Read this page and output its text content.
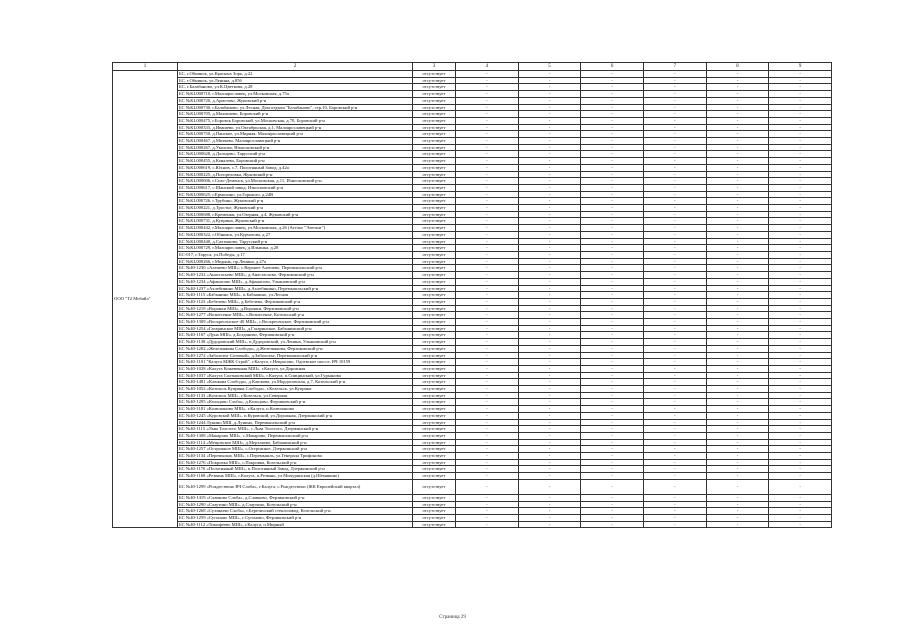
1	2	3	4	5	6	7	8	9
ООО "Т2 Мобайл"	БС, г.Обнинск, ул.Красных Зорь, д.22	отсутствует	-	-	-	-	-	-
	БС, г.Обнинск, ул.Ленина, д.85б	отсутствует	-	-	-	-	-	-
	БС, г.Балабаново, ул.К.Цветкова, д.28	отсутствует	-	-	-	-	-	-
	БС №KL000710, г.Малоярославец, ул.Московская, д.75а	отсутствует	-	-	-	-	-	-
	БС №KL000720, д.Аристово, Жуковский р-н	отсутствует	-	-	-	-	-	-
	БС №KL000730, г.Балабаново, ул.Лесная, Дом отдыха "Балабаново", стр.10, Боровский р-н	отсутствует	-	-	-	-	-	-
	БС №KL000705, д.Малышево, Боровский р-н	отсутствует	-	-	-	-	-	-
	БС №KL000475, г.Боровск Боровский, ул.Московская, д.70, Боровский р-н	отсутствует	-	-	-	-	-	-
	БС №KL000333, д.Ивашево, ул.Октябрьская, д.1, Малоярославецкий р-н	отсутствует	-	-	-	-	-	-
	БС №KL000750, д.Панское, ул.Мирная, Малоярославецкий р-н	отсутствует	-	-	-	-	-	-
	БС №KL000467, д.Митяево, Малоярославецкий р-н	отсутствует	-	-	-	-	-	-
	БС №KL000267, д.Уколово, Износковский р-н	отсутствует	-	-	-	-	-	-
	БС №KL000628, д.Дольцево, Тарусский р-н	отсутствует	-	-	-	-	-	-
	БС №KL000455, д.Ковалево, Боровский р-н	отсутствует	-	-	-	-	-	-
	БС №KL000619, с.Юхнов, с.7, Полотняный Завод, д.42а	отсутствует	-	-	-	-	-	-
	БС №KL000225, д.Погореловка, Жуковский р-н	отсутствует	-	-	-	-	-	-
	БС №KL000606, г.Спас-Деменск, ул.Московская, д.11, Износковский р-н	отсутствует	-	-	-	-	-	-
	БС №KL000617, с.Шанский завод, Износковский р-н	отсутствует	-	-	-	-	-	-
	БС №KL000625, г.Ермолино, ул.Горького, д.24В	отсутствует	-	-	-	-	-	-
	БС №KL000726, г.Трубино, Жуковский р-н	отсутствует	-	-	-	-	-	-
	БС №KL000221, д.Тростье, Жуковский р-н	отсутствует	-	-	-	-	-	-
	БС №KL000688, г.Кременки, ул.Озерная, д.4, Жуковский р-н	отсутствует	-	-	-	-	-	-
	БС №KL000731, д.Куприна, Жуковский р-н	отсутствует	-	-	-	-	-	-
	БС №KL000442, г.Малоярославец, ул.Московская, д.26 (Ателье "Элегант")	отсутствует	-	-	-	-	-	-
	БС №KL000322, г.Обнинск, ул.Курчатова, д.27	отсутствует	-	-	-	-	-	-
	БС №KL000440, д.Салтыково, Тарусский р-н	отсутствует	-	-	-	-	-	-
	БС №KL000729, г.Малоярославец, д.Ильинка, д.28	отсутствует	-	-	-	-	-	-
	БС-017, г.Таруса, ул.Победы, д.17	отсутствует	-	-	-	-	-	-
	БС №KL000266, г.Медынь, пр.Ленина, д.27а	отсутствует	-	-	-	-	-	-
	БС №40-1230 «Алешево МШ», с.Верхнее Алешево, Перемышльский р-н	отсутствует	-	-	-	-	-	-
	БС №40-1232 «Анастасьево МШ», д.Анастасьево, Ферзиковский р-н	отсутствует	-	-	-	-	-	-
	БС №40-1234 «Афанасово МШ», д.Афанасово, Ульяновский р-н	отсутствует	-	-	-	-	-	-
	БС №40-1237 «Ахлебинино МШ», д.Ахлебинино, Перемышльский р-н	отсутствует	-	-	-	-	-	-
	БС №40-1115 «Бабынино МШ», п.Бабынино, ул.Лесная	отсутствует	-	-	-	-	-	-
	БС №40-1123 «Бебелево МШ», д.Бебелево, Ферзиковский р-н	отсутствует	-	-	-	-	-	-
	БС №40-1219 «Воронки МШ», д.Воронки, Ферзиковский р-н	отсутствует	-	-	-	-	-	-
	БС №40-1277 «Вознесенье МШ», с.Вознесенье, Козельский р-н	отсутствует	-	-	-	-	-	-
	БС №40-1309 «Воскресенское-40 МШ», с.Воскресенское, Ферзиковский р-н	отсутствует	-	-	-	-	-	-
	БС №40-1254 «Гагаринское МШ», д.Гагаринское, Бабынинский р-н	отсутствует	-	-	-	-	-	-
	БС №40-1167 «Дуна МШ», д.Богданово, Ферзиковский р-н	отсутствует	-	-	-	-	-	-
	БС №40-1138 «Дудоровский МШ», п.Дудоровский, ул.Ленина, Ульяновский р-н	отсутствует	-	-	-	-	-	-
	БС №40-1202 «Железнякова Слобода», д.Железнякова, Ферзиковский р-н	отсутствует	-	-	-	-	-	-
	БС №40-1272 «Заболотье Сотовый», д.Заболотье, Перемышльский р-н	отсутствует	-	-	-	-	-	-
	БС №40-1101 "Калуга МЖК Строй", г.Калуга, г.Некрасово, Одоевское шоссе, ВЧ 10159	отсутствует	-	-	-	-	-	-
	БС №40-1028 «Калуга Кожевенная МШ», г.Калуга, ул.Дорожная	отсутствует	-	-	-	-	-	-
	БС №40-1037 «Калуга Салтыковский МШ», г.Калуга, п.Спицинский, ул.Гурьянова	отсутствует	-	-	-	-	-	-
	БС №40-1481 «Клюкова Слобода», д.Клюкова, ул.Мордасовская, д.7, Козельский р-н	отсутствует	-	-	-	-	-	-
	БС №40-1052 «Козельск Куприна Слобода», г.Козельск, ул.Куприна	отсутствует	-	-	-	-	-	-
	БС №40-1133 «Козельск МШ», г.Козельск, ул.Северная	отсутствует	-	-	-	-	-	-
	БС №40-1295 «Кольцово Слоба», д.Кольцово, Ферзиковский р-н	отсутствует	-	-	-	-	-	-
	БС №40-1181 «Колюпаново МШ», г.Калуга, п.Колюпаново	отсутствует	-	-	-	-	-	-
	БС №40-1245 «Куровской МШ», п.Куровской, ул.Дорожная, Дзержинский р-н	отсутствует	-	-	-	-	-	-
	БС №40-1244 Лунино МШ, д.Лунино, Перемышльский р-н	отсутствует	-	-	-	-	-	-
	БС №40-1115 «Льва Толстого МШ», с.Льва Толстого, Дзержинский р-н	отсутствует	-	-	-	-	-	-
	БС №40-1308 «Макарово МШ», с.Макарово, Перемышльский р-н	отсутствует	-	-	-	-	-	-
	БС №40-1114 «Мещовское МШ», д.Мерзляево, Бабынинский р-н	отсутствует	-	-	-	-	-	-
	БС №40-1257 «Острожное МШ», с.Острожное, Дзержинский р-н	отсутствует	-	-	-	-	-	-
	БС №40-1134 «Перемышль МШ», с.Перемышль, ул.Генерала Трифонова	отсутствует	-	-	-	-	-	-
	БС №40-1276 «Покровка МШ», с.Покровка, Козельский р-н	отсутствует	-	-	-	-	-	-
	БС №40-1176 «Полотняный МШ», п.Полотняный Завод, Дзержинский р-н	отсутствует	-	-	-	-	-	-
	БС №40-1168 «Резвань МШ», г.Калуга, п.Резвань, ул.Мичуринская (д.Шемякино)	отсутствует	-	-	-	-	-	-
	БС №40-1299 «Рождествено ВЧ Слоба», г.Калуга, с.Рождествено (ЖК Европейский квартал)	отсутствует	-	-	-	-	-	-
	БС №40-1419 «Славково Слоба», д.Славково, Ферзиковский р-н	отсутствует	-	-	-	-	-	-
	БС №40-1290 «Слаутино МШ», д.Слаутино, Козельский р-н	отсутствует	-	-	-	-	-	-
	БС №40-1268 «Сухиничи Слоба», г.Березичский стеклозавод, Козельский р-н	отсутствует	-	-	-	-	-	-
	БС №40-1259 «Сугоново МШ», с.Сугоново, Ферзиковский р-н	отсутствует	-	-	-	-	-	-
	БС №40-1112 «Тимофеево МШ», г.Калуга, п.Мирный	отсутствует	-	-	-	-	-	-
Страница 29
